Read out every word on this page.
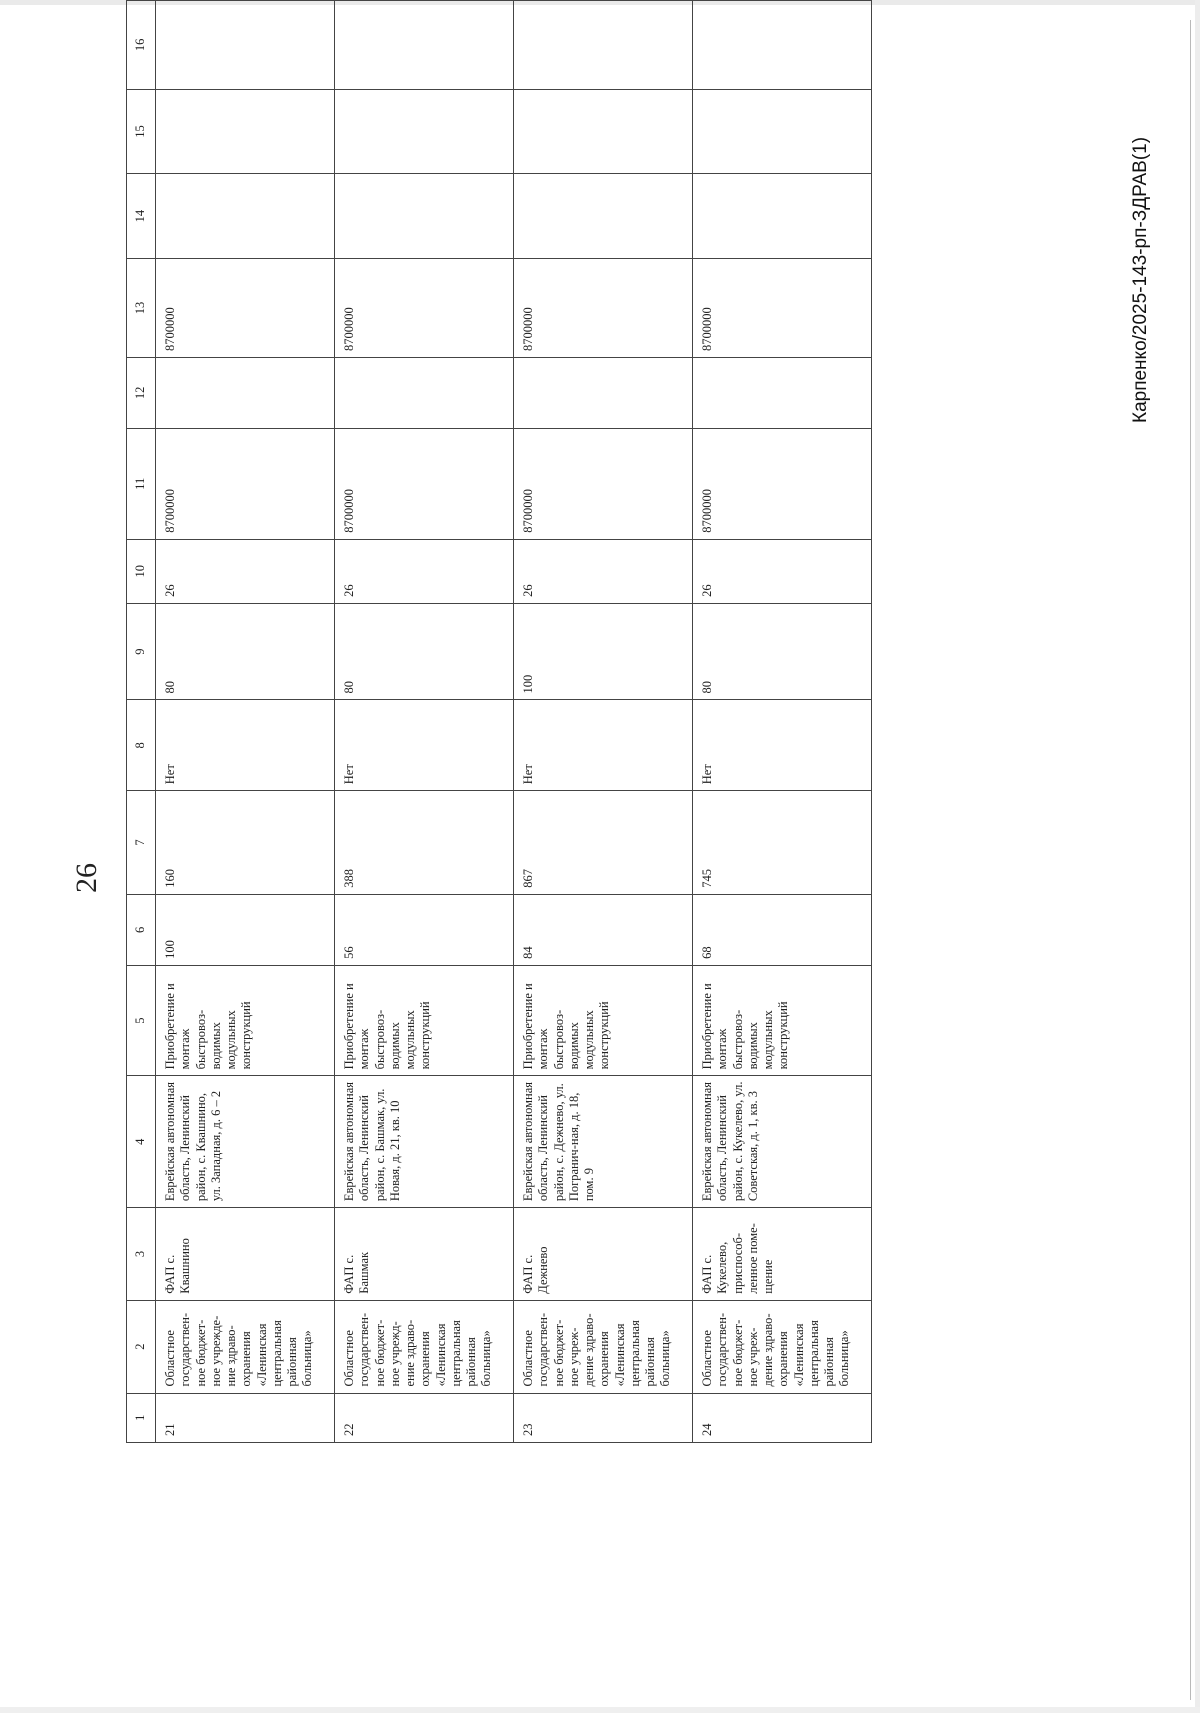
26
1	2	3	4	5	6	7	8	9	10	11	12	13	14	15	16
21	Областное государствен-ное бюджет-ное учрежде-ние здраво-охранения «Ленинская центральная районная больница»	ФАП с. Квашнино	Еврейская автономная область, Ленинский район, с. Квашнино, ул. Западная, д. 6 – 2	Приобретение и монтаж быстровоз-водимых модульных конструкций	100	160	Нет	80	26	8700000		8700000			
22	Областное государствен-ное бюджет-ное учрежд-ение здраво-охранения «Ленинская центральная районная больница»	ФАП с. Башмак	Еврейская автономная область, Ленинский район, с. Башмак, ул. Новая, д. 21, кв. 10	Приобретение и монтаж быстровоз-водимых модульных конструкций	56	388	Нет	80	26	8700000		8700000			
23	Областное государствен-ное бюджет-ное учреж-дение здраво-охранения «Ленинская центральная районная больница»	ФАП с. Дежнево	Еврейская автономная область, Ленинский район, с. Дежнево, ул. Погранич-ная, д. 18, пом. 9	Приобретение и монтаж быстровоз-водимых модульных конструкций	84	867	Нет	100	26	8700000		8700000			
24	Областное государствен-ное бюджет-ное учреж-дение здраво-охранения «Ленинская центральная районная больница»	ФАП с. Кукелево, приспособ-ленное поме-щение	Еврейская автономная область, Ленинский район, с. Кукелево, ул. Советская, д. 1, кв. 3	Приобретение и монтаж быстровоз-водимых модульных конструкций	68	745	Нет	80	26	8700000		8700000				Карпенко/2025-143-рп-ЗДРАВ(1)
